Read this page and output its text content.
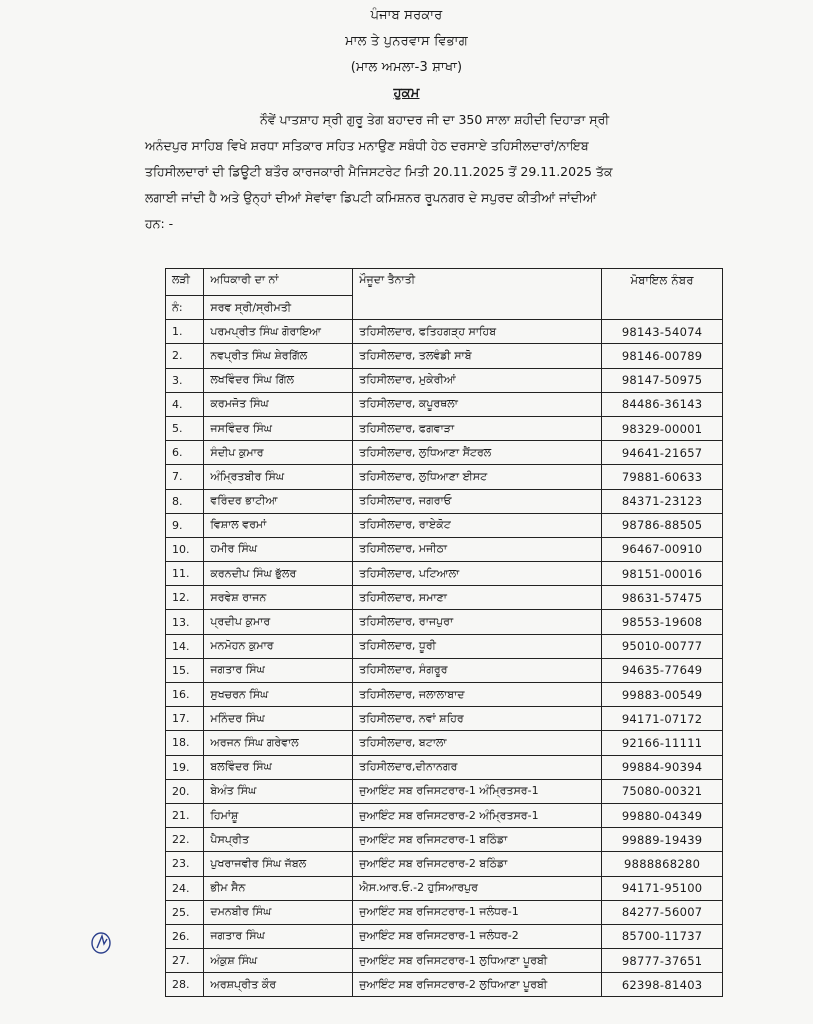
ਪੰਜਾਬ ਸਰਕਾਰ
ਮਾਲ ਤੇ ਪੁਨਰਵਾਸ ਵਿਭਾਗ
(ਮਾਲ ਅਮਲਾ-3 ਸ਼ਾਖਾ)
ਹੁਕਮ
ਨੌਵੇਂ ਪਾਤਸ਼ਾਹ ਸ੍ਰੀ ਗੁਰੂ ਤੇਗ ਬਹਾਦਰ ਜੀ ਦਾ 350 ਸਾਲਾ ਸ਼ਹੀਦੀ ਦਿਹਾੜਾ ਸ੍ਰੀ
ਅਨੰਦਪੁਰ ਸਾਹਿਬ ਵਿਖੇ ਸ਼ਰਧਾ ਸਤਿਕਾਰ ਸਹਿਤ ਮਨਾਉਣ ਸਬੰਧੀ ਹੇਠ ਦਰਸਾਏ ਤਹਿਸੀਲਦਾਰਾਂ/ਨਾਇਬ
ਤਹਿਸੀਲਦਾਰਾਂ ਦੀ ਡਿਊਟੀ ਬਤੌਰ ਕਾਰਜਕਾਰੀ ਮੈਜਿਸਟਰੇਟ ਮਿਤੀ 20.11.2025 ਤੋਂ 29.11.2025 ਤੱਕ
ਲਗਾਈ ਜਾਂਦੀ ਹੈ ਅਤੇ ਉਨ੍ਹਾਂ ਦੀਆਂ ਸੇਵਾਂਵਾ ਡਿਪਟੀ ਕਮਿਸ਼ਨਰ ਰੂਪਨਗਰ ਦੇ ਸਪੁਰਦ ਕੀਤੀਆਂ ਜਾਂਦੀਆਂ
ਹਨ: -
ਲੜੀ	ਅਧਿਕਾਰੀ ਦਾ ਨਾਂ	ਮੌਜੂਦਾ ਤੈਨਾਤੀ	ਮੋਬਾਇਲ ਨੰਬਰ
ਨੰ:	ਸਰਵ ਸ੍ਰੀ/ਸ੍ਰੀਮਤੀ		
1.	ਪਰਮਪ੍ਰੀਤ ਸਿੰਘ ਗੋਰਾਇਆ	ਤਹਿਸੀਲਦਾਰ, ਫਤਿਹਗੜ੍ਹ ਸਾਹਿਬ	98143-54074
2.	ਨਵਪ੍ਰੀਤ ਸਿੰਘ ਸ਼ੇਰਗਿੱਲ	ਤਹਿਸੀਲਦਾਰ, ਤਲਵੰਡੀ ਸਾਬੋ	98146-00789
3.	ਲਖਵਿੰਦਰ ਸਿੰਘ ਗਿੱਲ	ਤਹਿਸੀਲਦਾਰ, ਮੁਕੇਰੀਆਂ	98147-50975
4.	ਕਰਮਜੋਤ ਸਿੰਘ	ਤਹਿਸੀਲਦਾਰ, ਕਪੂਰਥਲਾ	84486-36143
5.	ਜਸਵਿੰਦਰ ਸਿੰਘ	ਤਹਿਸੀਲਦਾਰ, ਫਗਵਾੜਾ	98329-00001
6.	ਸੰਦੀਪ ਕੁਮਾਰ	ਤਹਿਸੀਲਦਾਰ, ਲੁਧਿਆਣਾ ਸੈਂਟਰਲ	94641-21657
7.	ਅੰਮ੍ਰਿਤਬੀਰ ਸਿੰਘ	ਤਹਿਸੀਲਦਾਰ, ਲੁਧਿਆਣਾ ਈਸਟ	79881-60633
8.	ਵਰਿੰਦਰ ਭਾਟੀਆ	ਤਹਿਸੀਲਦਾਰ, ਜਗਰਾਓ	84371-23123
9.	ਵਿਸ਼ਾਲ ਵਰਮਾਂ	ਤਹਿਸੀਲਦਾਰ, ਰਾਏਕੋਟ	98786-88505
10.	ਹਮੀਰ ਸਿੰਘ	ਤਹਿਸੀਲਦਾਰ, ਮਜੀਠਾ	96467-00910
11.	ਕਰਨਦੀਪ ਸਿੰਘ ਭੁੱਲਰ	ਤਹਿਸੀਲਦਾਰ, ਪਟਿਆਲਾ	98151-00016
12.	ਸਰਵੇਸ਼ ਰਾਜਨ	ਤਹਿਸੀਲਦਾਰ, ਸਮਾਣਾ	98631-57475
13.	ਪ੍ਰਦੀਪ ਕੁਮਾਰ	ਤਹਿਸੀਲਦਾਰ, ਰਾਜਪੁਰਾ	98553-19608
14.	ਮਨਮੋਹਨ ਕੁਮਾਰ	ਤਹਿਸੀਲਦਾਰ, ਧੂਰੀ	95010-00777
15.	ਜਗਤਾਰ ਸਿੰਘ	ਤਹਿਸੀਲਦਾਰ, ਸੰਗਰੂਰ	94635-77649
16.	ਸੁਖਚਰਨ ਸਿੰਘ	ਤਹਿਸੀਲਦਾਰ, ਜਲਾਲਾਬਾਦ	99883-00549
17.	ਮਨਿੰਦਰ ਸਿੰਘ	ਤਹਿਸੀਲਦਾਰ, ਨਵਾਂ ਸ਼ਹਿਰ	94171-07172
18.	ਅਰਜਨ ਸਿੰਘ ਗਰੇਵਾਲ	ਤਹਿਸੀਲਦਾਰ, ਬਟਾਲਾ	92166-11111
19.	ਬਲਵਿੰਦਰ ਸਿੰਘ	ਤਹਿਸੀਲਦਾਰ,ਦੀਨਾਨਗਰ	99884-90394
20.	ਬੇਅੰਤ ਸਿੰਘ	ਜੁਆਇੰਟ ਸਬ ਰਜਿਸਟਰਾਰ-1 ਅੰਮ੍ਰਿਤਸਰ-1	75080-00321
21.	ਹਿਮਾਂਸ਼ੂ	ਜੁਆਇੰਟ ਸਬ ਰਜਿਸਟਰਾਰ-2 ਅੰਮ੍ਰਿਤਸਰ-1	99880-04349
22.	ਪੈਸਪ੍ਰੀਤ	ਜੁਆਇੰਟ ਸਬ ਰਜਿਸਟਰਾਰ-1 ਬਠਿੰਡਾ	99889-19439
23.	ਪੁਖਰਾਜਵੀਰ ਸਿੰਘ ਜੱਬਲ	ਜੁਆਇੰਟ ਸਬ ਰਜਿਸਟਰਾਰ-2 ਬਠਿੰਡਾ	9888868280
24.	ਭੀਮ ਸੈਨ	ਐਸ.ਆਰ.ਓ.-2 ਹੁਸਿਆਰਪੁਰ	94171-95100
25.	ਦਮਨਬੀਰ ਸਿੰਘ	ਜੁਆਇੰਟ ਸਬ ਰਜਿਸਟਰਾਰ-1 ਜਲੰਧਰ-1	84277-56007
26.	ਜਗਤਾਰ ਸਿੰਘ	ਜੁਆਇੰਟ ਸਬ ਰਜਿਸਟਰਾਰ-1 ਜਲੰਧਰ-2	85700-11737
27.	ਅੰਕੁਸ਼ ਸਿੰਘ	ਜੁਆਇੰਟ ਸਬ ਰਜਿਸਟਰਾਰ-1 ਲੁਧਿਆਣਾ ਪੂਰਬੀ	98777-37651
28.	ਅਰਸ਼ਪ੍ਰੀਤ ਕੌਰ	ਜੁਆਇੰਟ ਸਬ ਰਜਿਸਟਰਾਰ-2 ਲੁਧਿਆਣਾ ਪੂਰਬੀ	62398-81403
